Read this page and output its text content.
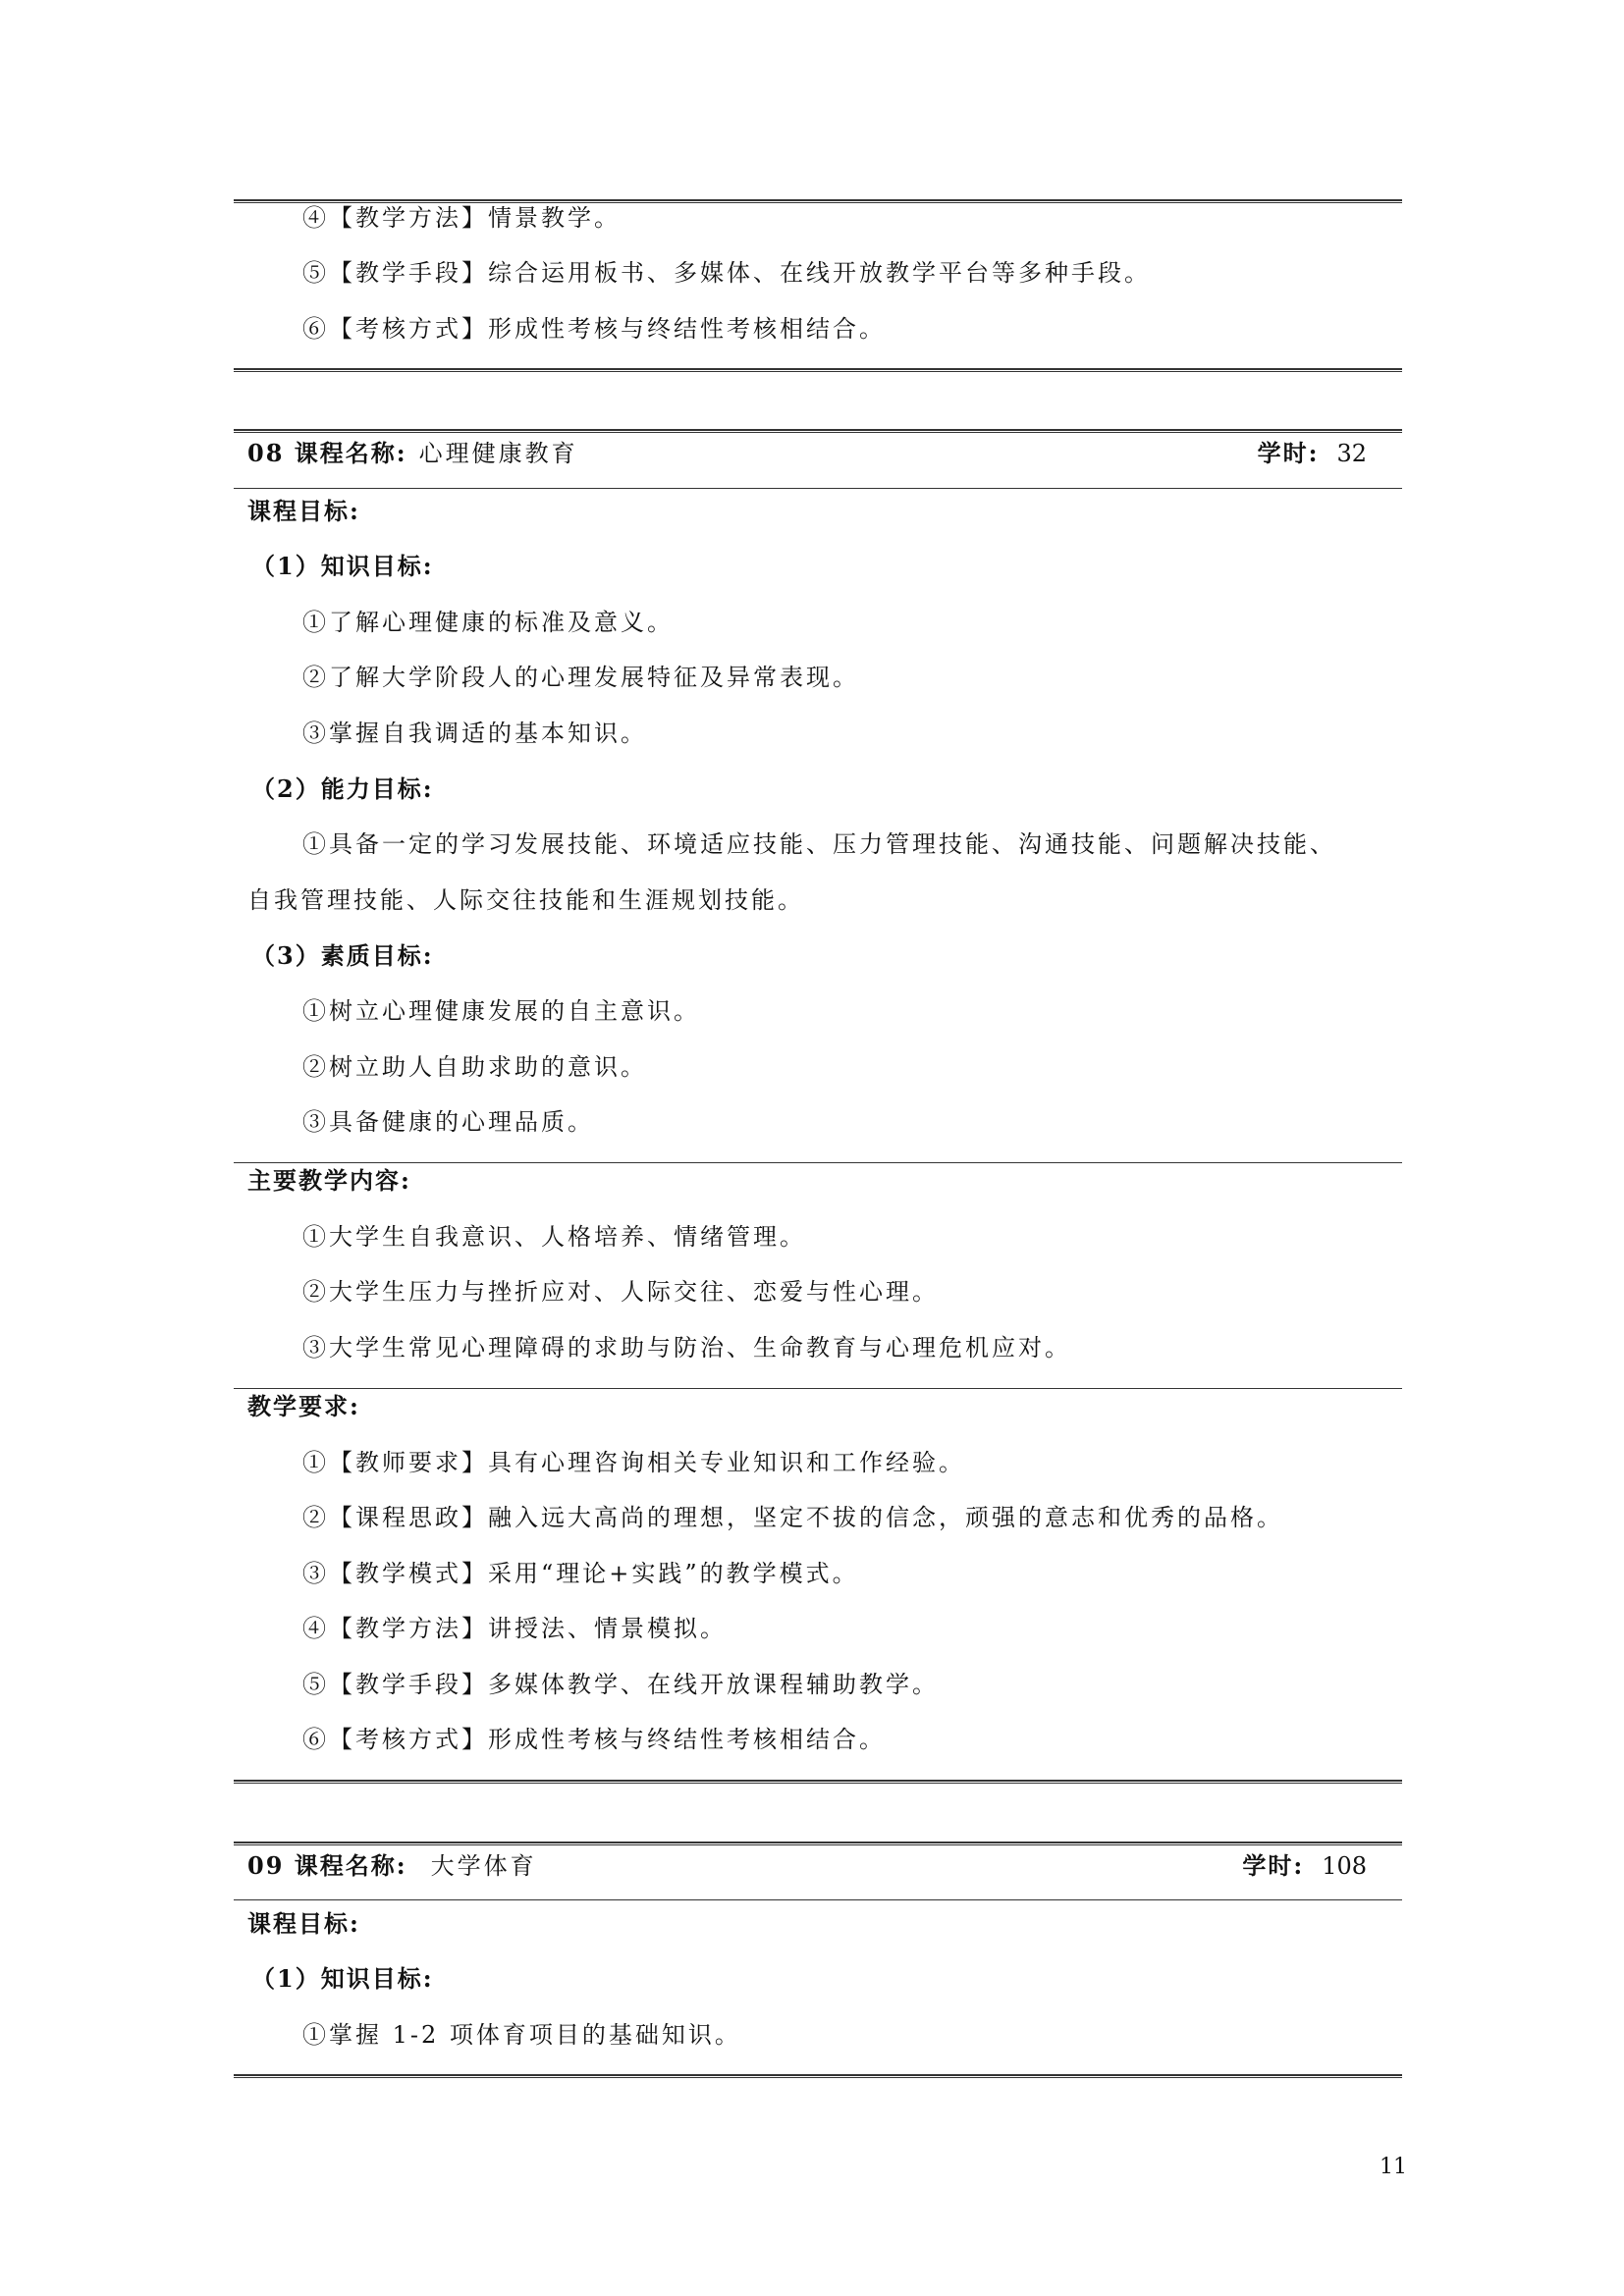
④【教学方法】情景教学。
⑤【教学手段】综合运用板书、多媒体、在线开放教学平台等多种手段。
⑥【考核方式】形成性考核与终结性考核相结合。
08 课程名称: 心理健康教育	学时: 32
课程目标:
（1）知识目标:
①了解心理健康的标准及意义。
②了解大学阶段人的心理发展特征及异常表现。
③掌握自我调适的基本知识。
（2）能力目标:
①具备一定的学习发展技能、环境适应技能、压力管理技能、沟通技能、问题解决技能、
自我管理技能、人际交往技能和生涯规划技能。
（3）素质目标:
①树立心理健康发展的自主意识。
②树立助人自助求助的意识。
③具备健康的心理品质。
主要教学内容:
①大学生自我意识、人格培养、情绪管理。
②大学生压力与挫折应对、人际交往、恋爱与性心理。
③大学生常见心理障碍的求助与防治、生命教育与心理危机应对。
教学要求:
①【教师要求】具有心理咨询相关专业知识和工作经验。
②【课程思政】融入远大高尚的理想，坚定不拔的信念，顽强的意志和优秀的品格。
③【教学模式】采用“理论+实践”的教学模式。
④【教学方法】讲授法、情景模拟。
⑤【教学手段】多媒体教学、在线开放课程辅助教学。
⑥【考核方式】形成性考核与终结性考核相结合。
09 课程名称: 大学体育	学时: 108
课程目标:
（1）知识目标:
①掌握 1-2 项体育项目的基础知识。
11
